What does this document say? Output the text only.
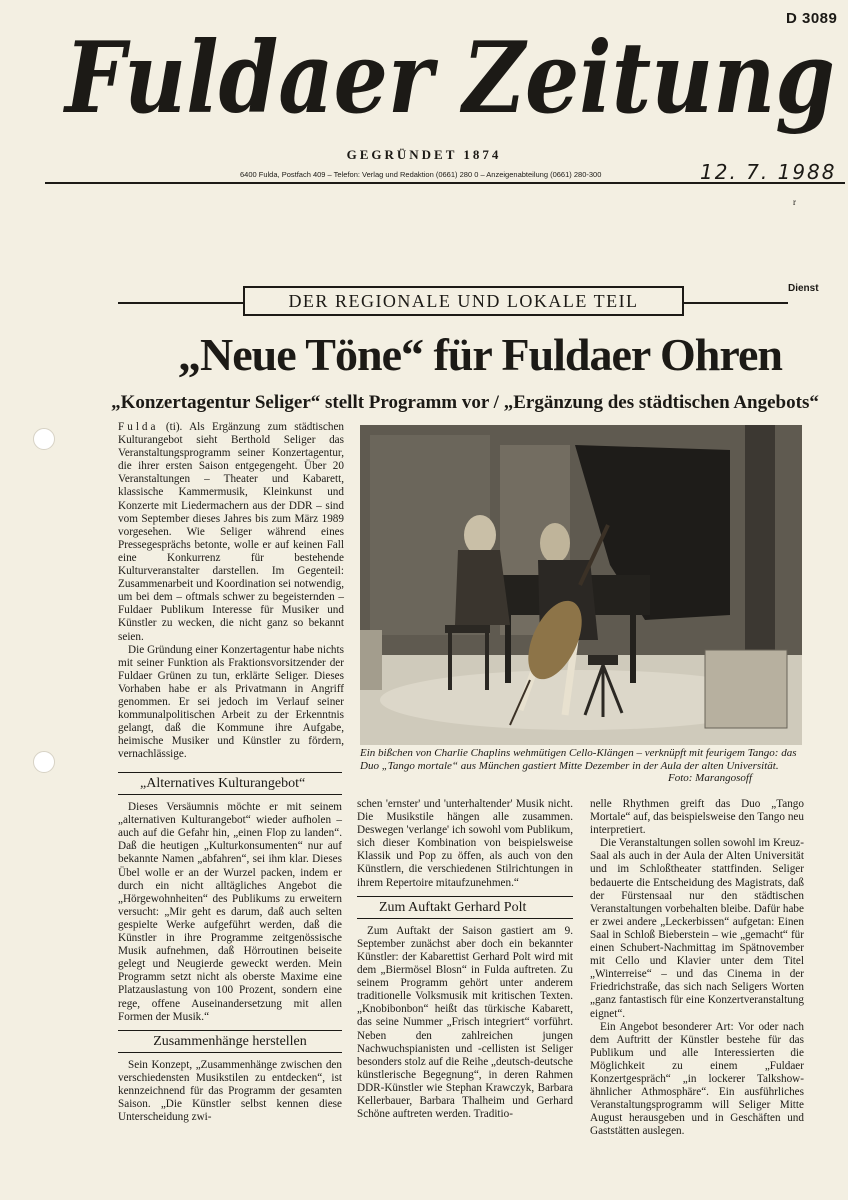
D 3089
Fuldaer Zeitung
GEGRÜNDET 1874
6400 Fulda, Postfach 409 – Telefon: Verlag und Redaktion (0661) 280 0 – Anzeigenabteilung (0661) 280-300	12. 7. 1988
r
DER REGIONALE UND LOKALE TEIL
Dienst
„Neue Töne“ für Fuldaer Ohren
„Konzertagentur Seliger“ stellt Programm vor / „Ergänzung des städtischen Angebots“

Fulda (ti). Als Ergänzung zum städtischen Kulturangebot sieht Berthold Seliger das Veranstaltungsprogramm seiner Konzertagentur, die ihrer ersten Saison entgegengeht. Über 20 Veranstaltungen – Theater und Kabarett, klassische Kammermusik, Kleinkunst und Konzerte mit Liedermachern aus der DDR – sind vom September dieses Jahres bis zum März 1989 vorgesehen. Wie Seliger während eines Pressegesprächs betonte, wolle er auf keinen Fall eine Konkurrenz für bestehende Kulturveranstalter darstellen. Im Gegenteil: Zusammenarbeit und Koordination sei notwendig, um bei dem – oftmals schwer zu begeisternden – Fuldaer Publikum Interesse für Musiker und Künstler zu wecken, die nicht ganz so bekannt seien.

Die Gründung einer Konzertagentur habe nichts mit seiner Funktion als Fraktionsvorsitzender der Fuldaer Grünen zu tun, erklärte Seliger. Dieses Vorhaben habe er als Privatmann in Angriff genommen. Er sei jedoch im Verlauf seiner kommunalpolitischen Arbeit zu der Erkenntnis gelangt, daß die Kommune ihre Aufgabe, heimische Musiker und Künstler zu fördern, vernachlässige.	Ein bißchen von Charlie Chaplins wehmütigen Cello-Klängen – verknüpft mit feurigem Tango: das Duo „Tango mortale“ aus München gastiert Mitte Dezember in der Aula der alten Universität.
Foto: Marangosoff
„Alternatives Kulturangebot“

Dieses Versäumnis möchte er mit seinem „alternativen Kulturangebot“ wieder aufholen – auch auf die Gefahr hin, „einen Flop zu landen“. Daß die heutigen „Kulturkonsumenten“ nur auf bekannte Namen „abfahren“, sei ihm klar. Dieses Übel wolle er an der Wurzel packen, indem er durch ein nicht alltägliches Angebot die „Hörgewohnheiten“ des Publikums zu erweitern versucht: „Mir geht es darum, daß auch selten gespielte Werke aufgeführt werden, daß die Künstler in ihre Programme zeitgenössische Musik aufnehmen, daß Hörroutinen beiseite gelegt und Neugierde geweckt werden. Mein Programm setzt nicht als oberste Maxime eine Platzauslastung von 100 Prozent, sondern eine rege, offene Auseinandersetzung mit allen Formen der Musik.“

Zusammenhänge herstellen

Sein Konzept, „Zusammenhänge zwischen den verschiedensten Musikstilen zu entdecken“, ist kennzeichnend für das Programm der gesamten Saison. „Die Künstler selbst kennen diese Unterscheidung zwi-

schen 'ernster' und 'unterhaltender' Musik nicht. Die Musikstile hängen alle zusammen. Deswegen 'verlange' ich sowohl vom Publikum, sich dieser Kombination von beispielsweise Klassik und Pop zu öffen, als auch von den Künstlern, die verschiedenen Stilrichtungen in ihrem Repertoire mitaufzunehmen.“

Zum Auftakt Gerhard Polt

Zum Auftakt der Saison gastiert am 9. September zunächst aber doch ein bekannter Künstler: der Kabarettist Gerhard Polt wird mit dem „Biermösel Blosn“ in Fulda auftreten. Zu seinem Programm gehört unter anderem traditionelle Volksmusik mit kritischen Texten. „Knobibonbon“ heißt das türkische Kabarett, das seine Nummer „Frisch integriert“ vorführt. Neben den zahlreichen jungen Nachwuchspianisten und -cellisten ist Seliger besonders stolz auf die Reihe „deutsch-deutsche künstlerische Begegnung“, in deren Rahmen DDR-Künstler wie Stephan Krawczyk, Barbara Kellerbauer, Barbara Thalheim und Gerhard Schöne auftreten werden. Traditio-

nelle Rhythmen greift das Duo „Tango Mortale“ auf, das beispielsweise den Tango neu interpretiert.

Die Veranstaltungen sollen sowohl im Kreuz-Saal als auch in der Aula der Alten Universität und im Schloßtheater stattfinden. Seliger bedauerte die Entscheidung des Magistrats, daß der Fürstensaal nur den städtischen Veranstaltungen vorbehalten bleibe. Dafür habe er zwei andere „Leckerbissen“ aufgetan: Einen Saal in Schloß Bieberstein – wie „gemacht“ für einen Schubert-Nachmittag im Spätnovember mit Cello und Klavier unter dem Titel „Winterreise“ – und das Cinema in der Friedrichstraße, das sich nach Seligers Worten „ganz fantastisch für eine Konzertveranstaltung eignet“.

Ein Angebot besonderer Art: Vor oder nach dem Auftritt der Künstler bestehe für das Publikum und alle Interessierten die Möglichkeit zu einem „Fuldaer Konzertgespräch“ „in lockerer Talkshow-ähnlicher Athmosphäre“. Ein ausführliches Veranstaltungsprogramm will Seliger Mitte August herausgeben und in Geschäften und Gaststätten auslegen.
